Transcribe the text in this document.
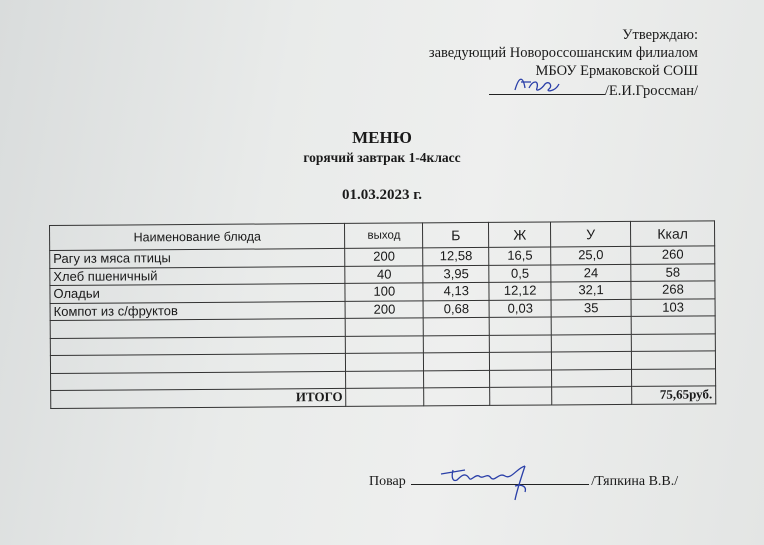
Утверждаю:
заведующий Новороссошанским филиалом
МБОУ Ермаковской СОШ
/Е.И.Гроссман/
МЕНЮ
горячий завтрак 1-4класс
01.03.2023 г.
Наименование блюда	выход	Б	Ж	У	Ккал
Рагу из мяса птицы	200	12,58	16,5	25,0	260
Хлеб пшеничный	40	3,95	0,5	24	58
Оладьи	100	4,13	12,12	32,1	268
Компот из с/фруктов	200	0,68	0,03	35	103

ИТОГО					75,65руб.
Повар	/Тяпкина В.В./
